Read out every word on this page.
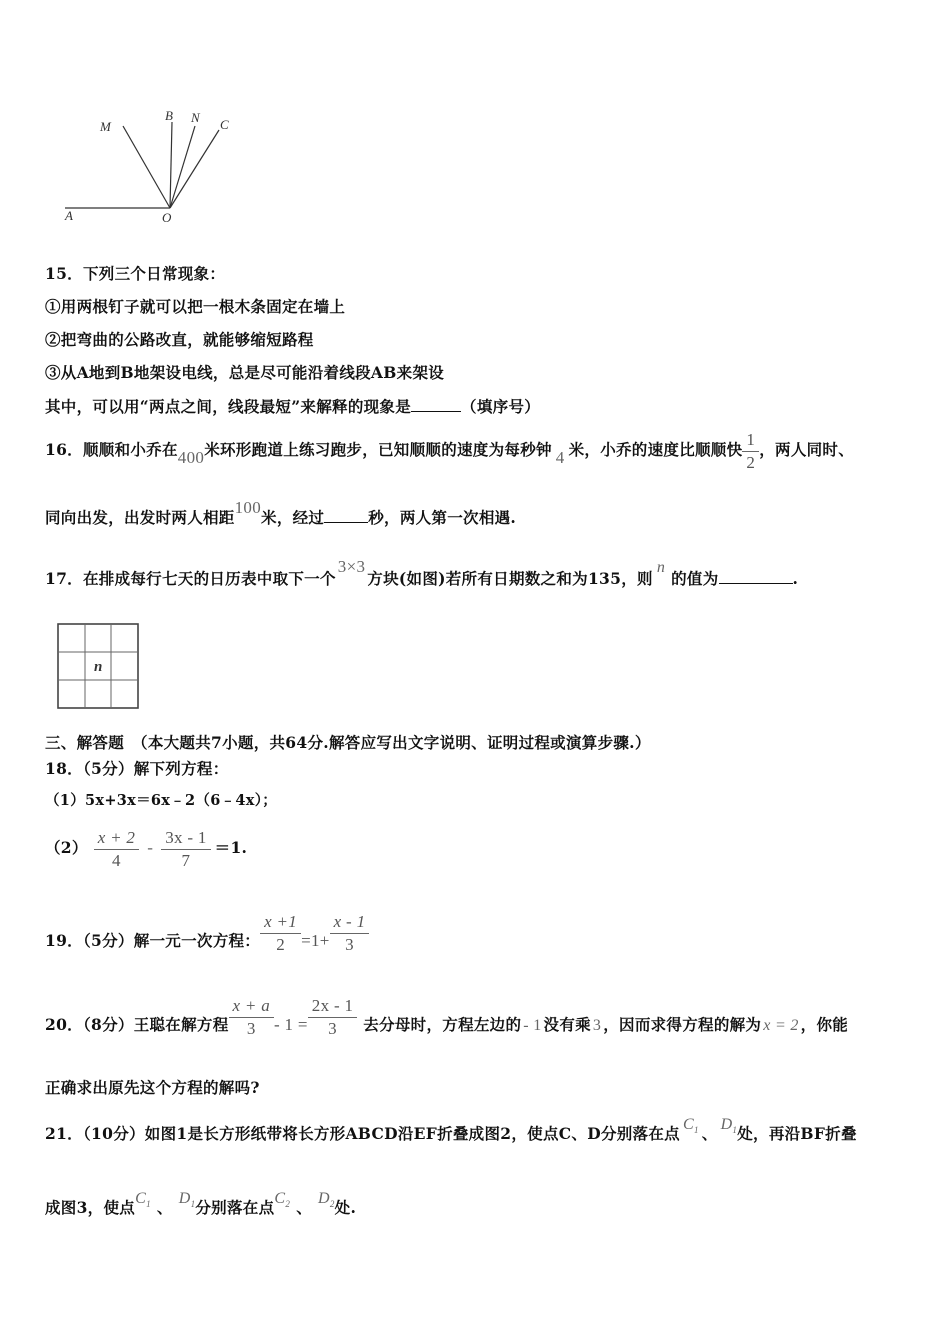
M
B N C
A	O
15．下列三个日常现象：
①用两根钉子就可以把一根木条固定在墙上
②把弯曲的公路改直，就能够缩短路程
③从A地到B地架设电线，总是尽可能沿着线段AB来架设
其中，可以用“两点之间，线段最短”来解释的现象是	（填序号）
16．顺顺和小乔在400米环形跑道上练习跑步，已知顺顺的速度为每秒钟 4 米，小乔的速度比顺顺快 $\frac{1}{2}$ ，两人同时、
同向出发，出发时两人相距100米，经过	秒，两人第一次相遇.
17．在排成每行七天的日历表中取下一个3×3方块(如图)若所有日期数之和为135，则n的值为	.
n
三、解答题 （本大题共7小题，共64分.解答应写出文字说明、证明过程或演算步骤.）
18．（5分）解下列方程：
（1）5x+3x＝6x﹣2（6﹣4x）；
$(2) \frac{x + 2}{4} - \frac{3x - 1}{7} =1$.
19．（5分）解一元一次方程： $\frac{x +1}{2} =1+ \frac{x - 1}{3}$
20．（8分）王聪在解方程 $\frac{x + a}{3} - 1 = \frac{2x - 1}{3}$ 去分母时，方程左边的 - 1 没有乘 3 ，因而求得方程的解为 x = 2 ，你能
正确求出原先这个方程的解吗?
21．（10分）如图1是长方形纸带将长方形ABCD沿EF折叠成图2，使点C、D分别落在点 $C_1$ 、 $D_1$处，再沿BF折叠
成图3，使点$C_1$ 、 $D_1$分别落在点$C_2$ 、 $D_2$处.
